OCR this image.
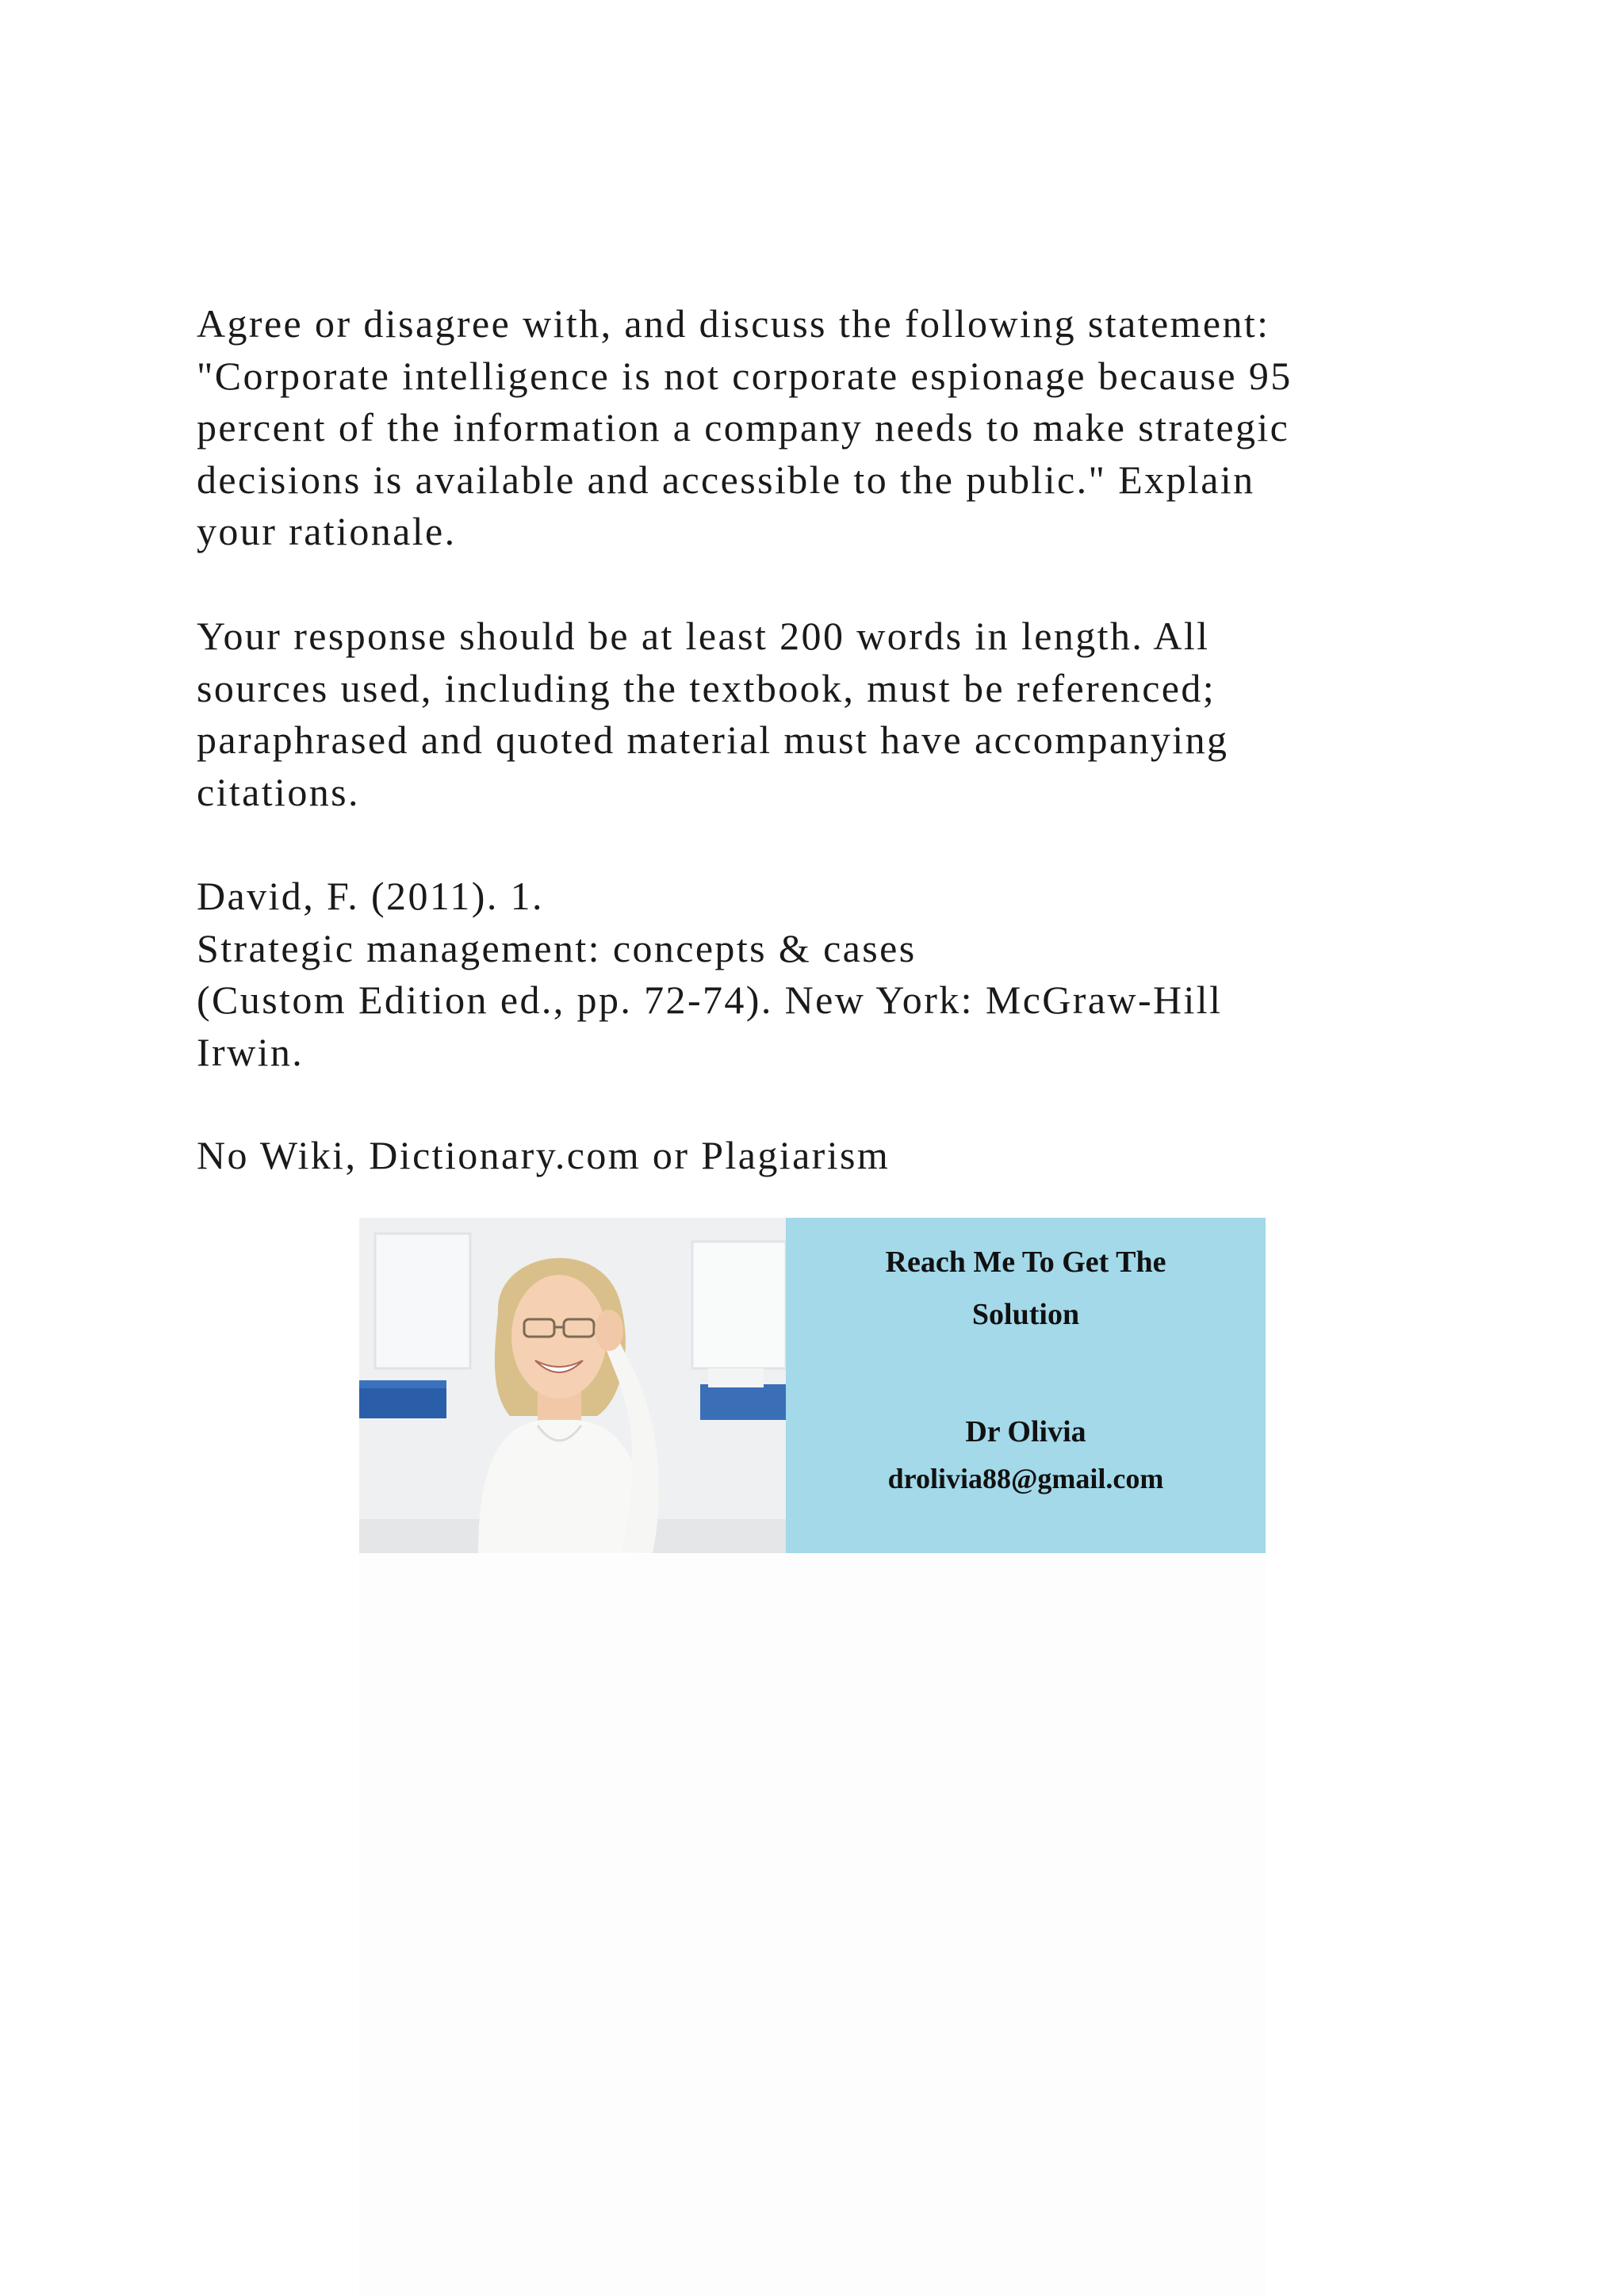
Agree or disagree with, and discuss the following statement:
"Corporate intelligence is not corporate espionage because 95
percent of the information a company needs to make strategic
decisions is available and accessible to the public." Explain
your rationale.

Your response should be at least 200 words in length. All
sources used, including the textbook, must be referenced;
paraphrased and quoted material must have accompanying
citations.

David, F. (2011). 1.
Strategic management: concepts & cases
(Custom Edition ed., pp. 72-74). New York: McGraw-Hill
Irwin.

No Wiki, Dictionary.com or Plagiarism

Reach Me To Get The
Solution
Dr Olivia
drolivia88@gmail.com
